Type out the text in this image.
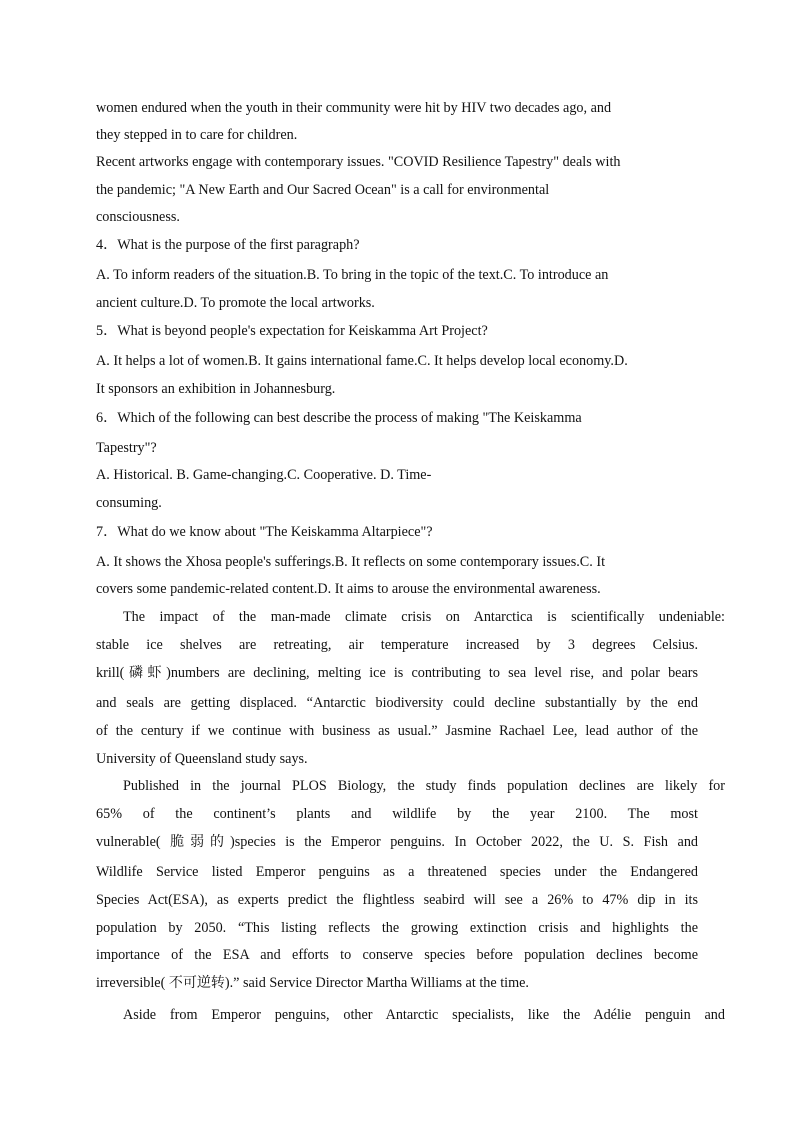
women endured when the youth in their community were hit by HIV two decades ago, and

they stepped in to care for children.

Recent artworks engage with contemporary issues. "COVID Resilience Tapestry" deals with

the pandemic; "A New Earth and Our Sacred Ocean" is a call for environmental

consciousness.

4．What is the purpose of the first paragraph?

A. To inform readers of the situation.B. To bring in the topic of the text.C. To introduce an

ancient culture.D. To promote the local artworks.

5．What is beyond people's expectation for Keiskamma Art Project?

A. It helps a lot of women.B. It gains international fame.C. It helps develop local economy.D.

It sponsors an exhibition in Johannesburg.

6．Which of the following can best describe the process of making "The Keiskamma

Tapestry"?

A. Historical. B. Game-changing.C. Cooperative. D. Time-

consuming.

7．What do we know about "The Keiskamma Altarpiece"?

A. It shows the Xhosa people's sufferings.B. It reflects on some contemporary issues.C. It

covers some pandemic-related content.D. It aims to arouse the environmental awareness.

The impact of the man-made climate crisis on Antarctica is scientifically undeniable:

stable ice shelves are retreating, air temperature increased by 3 degrees Celsius.

krill(磷虾)numbers are declining, melting ice is contributing to sea level rise, and polar bears

and seals are getting displaced. “Antarctic biodiversity could decline substantially by the end

of the century if we continue with business as usual.” Jasmine Rachael Lee, lead author of the

University of Queensland study says.

Published in the journal PLOS Biology, the study finds population declines are likely for

65% of the continent’s plants and wildlife by the year 2100. The most

vulnerable( 脆弱的)species is the Emperor penguins. In October 2022, the U. S. Fish and

Wildlife Service listed Emperor penguins as a threatened species under the Endangered

Species Act(ESA), as experts predict the flightless seabird will see a 26% to 47% dip in its

population by 2050. “This listing reflects the growing extinction crisis and highlights the

importance of the ESA and efforts to conserve species before population declines become

irreversible( 不可逆转).” said Service Director Martha Williams at the time.

Aside from Emperor penguins, other Antarctic specialists, like the Adélie penguin and
